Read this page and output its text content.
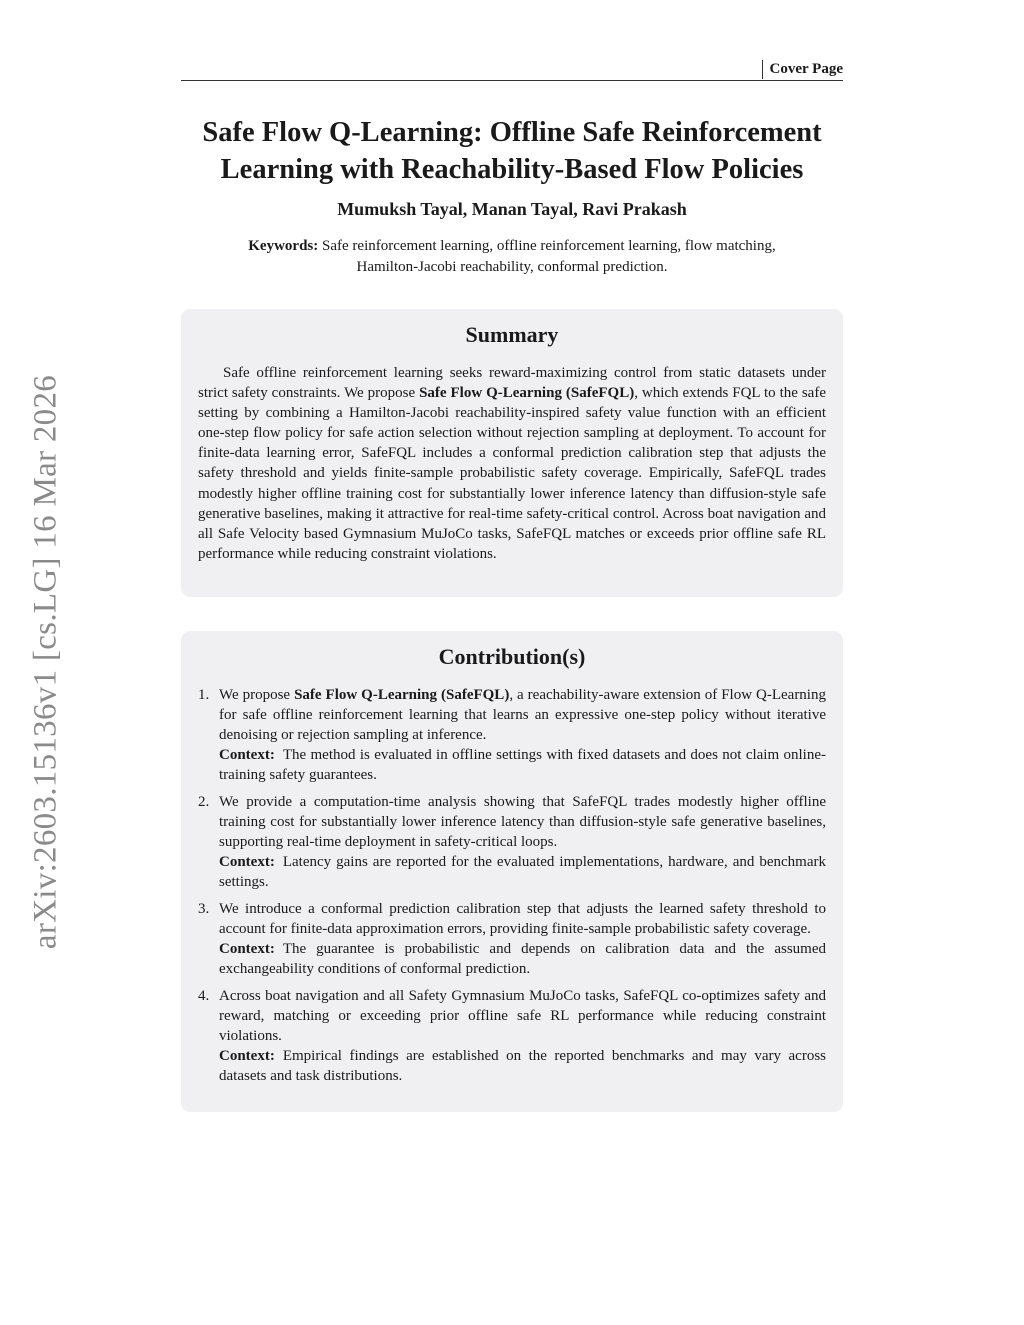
arXiv:2603.15136v1 [cs.LG] 16 Mar 2026
Cover Page
Safe Flow Q-Learning: Offline Safe Reinforcement
Learning with Reachability-Based Flow Policies
Mumuksh Tayal, Manan Tayal, Ravi Prakash
Keywords: Safe reinforcement learning, offline reinforcement learning, flow matching,
Hamilton-Jacobi reachability, conformal prediction.
Summary

Safe offline reinforcement learning seeks reward-maximizing control from static datasets under strict safety constraints. We propose Safe Flow Q-Learning (SafeFQL), which extends FQL to the safe setting by combining a Hamilton-Jacobi reachability-inspired safety value function with an efficient one-step flow policy for safe action selection without rejection sampling at deployment. To account for finite-data learning error, SafeFQL includes a conformal prediction calibration step that adjusts the safety threshold and yields finite-sample probabilistic safety coverage. Empirically, SafeFQL trades modestly higher offline training cost for substantially lower inference latency than diffusion-style safe generative baselines, making it attractive for real-time safety-critical control. Across boat navigation and all Safe Velocity based Gymnasium MuJoCo tasks, SafeFQL matches or exceeds prior offline safe RL performance while reducing constraint violations.

Contribution(s)
1. We propose Safe Flow Q-Learning (SafeFQL), a reachability-aware extension of Flow Q-Learning for safe offline reinforcement learning that learns an expressive one-step policy without iterative denoising or rejection sampling at inference.

Context: The method is evaluated in offline settings with fixed datasets and does not claim online-training safety guarantees.

2. We provide a computation-time analysis showing that SafeFQL trades modestly higher offline training cost for substantially lower inference latency than diffusion-style safe generative baselines, supporting real-time deployment in safety-critical loops.

Context: Latency gains are reported for the evaluated implementations, hardware, and benchmark settings.

3. We introduce a conformal prediction calibration step that adjusts the learned safety threshold to account for finite-data approximation errors, providing finite-sample probabilistic safety coverage.

Context: The guarantee is probabilistic and depends on calibration data and the assumed exchangeability conditions of conformal prediction.

4. Across boat navigation and all Safety Gymnasium MuJoCo tasks, SafeFQL co-optimizes safety and reward, matching or exceeding prior offline safe RL performance while reducing constraint violations.

Context: Empirical findings are established on the reported benchmarks and may vary across datasets and task distributions.
